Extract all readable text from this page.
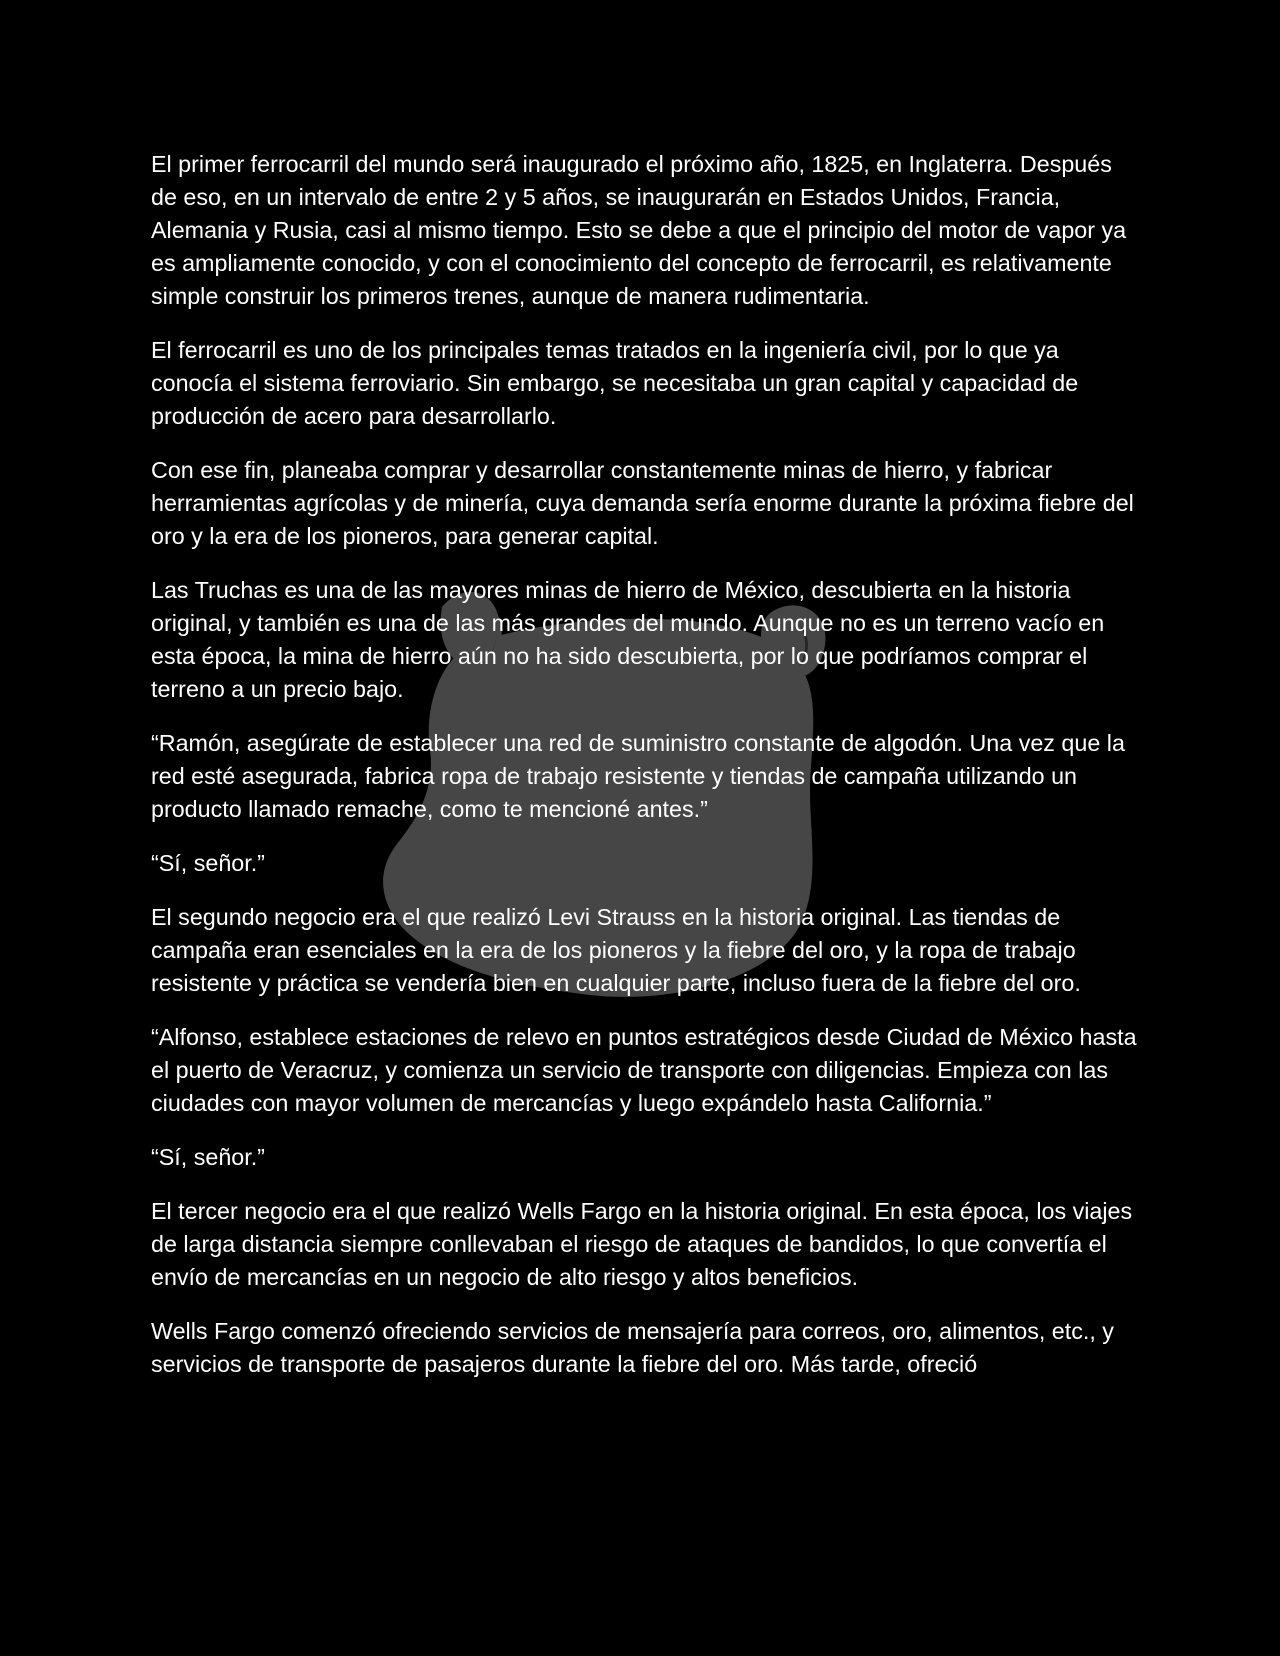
El primer ferrocarril del mundo será inaugurado el próximo año, 1825, en Inglaterra. Después de eso, en un intervalo de entre 2 y 5 años, se inaugurarán en Estados Unidos, Francia, Alemania y Rusia, casi al mismo tiempo. Esto se debe a que el principio del motor de vapor ya es ampliamente conocido, y con el conocimiento del concepto de ferrocarril, es relativamente simple construir los primeros trenes, aunque de manera rudimentaria.

El ferrocarril es uno de los principales temas tratados en la ingeniería civil, por lo que ya conocía el sistema ferroviario. Sin embargo, se necesitaba un gran capital y capacidad de producción de acero para desarrollarlo.

Con ese fin, planeaba comprar y desarrollar constantemente minas de hierro, y fabricar herramientas agrícolas y de minería, cuya demanda sería enorme durante la próxima fiebre del oro y la era de los pioneros, para generar capital.

Las Truchas es una de las mayores minas de hierro de México, descubierta en la historia original, y también es una de las más grandes del mundo. Aunque no es un terreno vacío en esta época, la mina de hierro aún no ha sido descubierta, por lo que podríamos comprar el terreno a un precio bajo.

“Ramón, asegúrate de establecer una red de suministro constante de algodón. Una vez que la red esté asegurada, fabrica ropa de trabajo resistente y tiendas de campaña utilizando un producto llamado remache, como te mencioné antes.”

“Sí, señor.”

El segundo negocio era el que realizó Levi Strauss en la historia original. Las tiendas de campaña eran esenciales en la era de los pioneros y la fiebre del oro, y la ropa de trabajo resistente y práctica se vendería bien en cualquier parte, incluso fuera de la fiebre del oro.

“Alfonso, establece estaciones de relevo en puntos estratégicos desde Ciudad de México hasta el puerto de Veracruz, y comienza un servicio de transporte con diligencias. Empieza con las ciudades con mayor volumen de mercancías y luego expándelo hasta California.”

“Sí, señor.”

El tercer negocio era el que realizó Wells Fargo en la historia original. En esta época, los viajes de larga distancia siempre conllevaban el riesgo de ataques de bandidos, lo que convertía el envío de mercancías en un negocio de alto riesgo y altos beneficios.

Wells Fargo comenzó ofreciendo servicios de mensajería para correos, oro, alimentos, etc., y servicios de transporte de pasajeros durante la fiebre del oro. Más tarde, ofreció
